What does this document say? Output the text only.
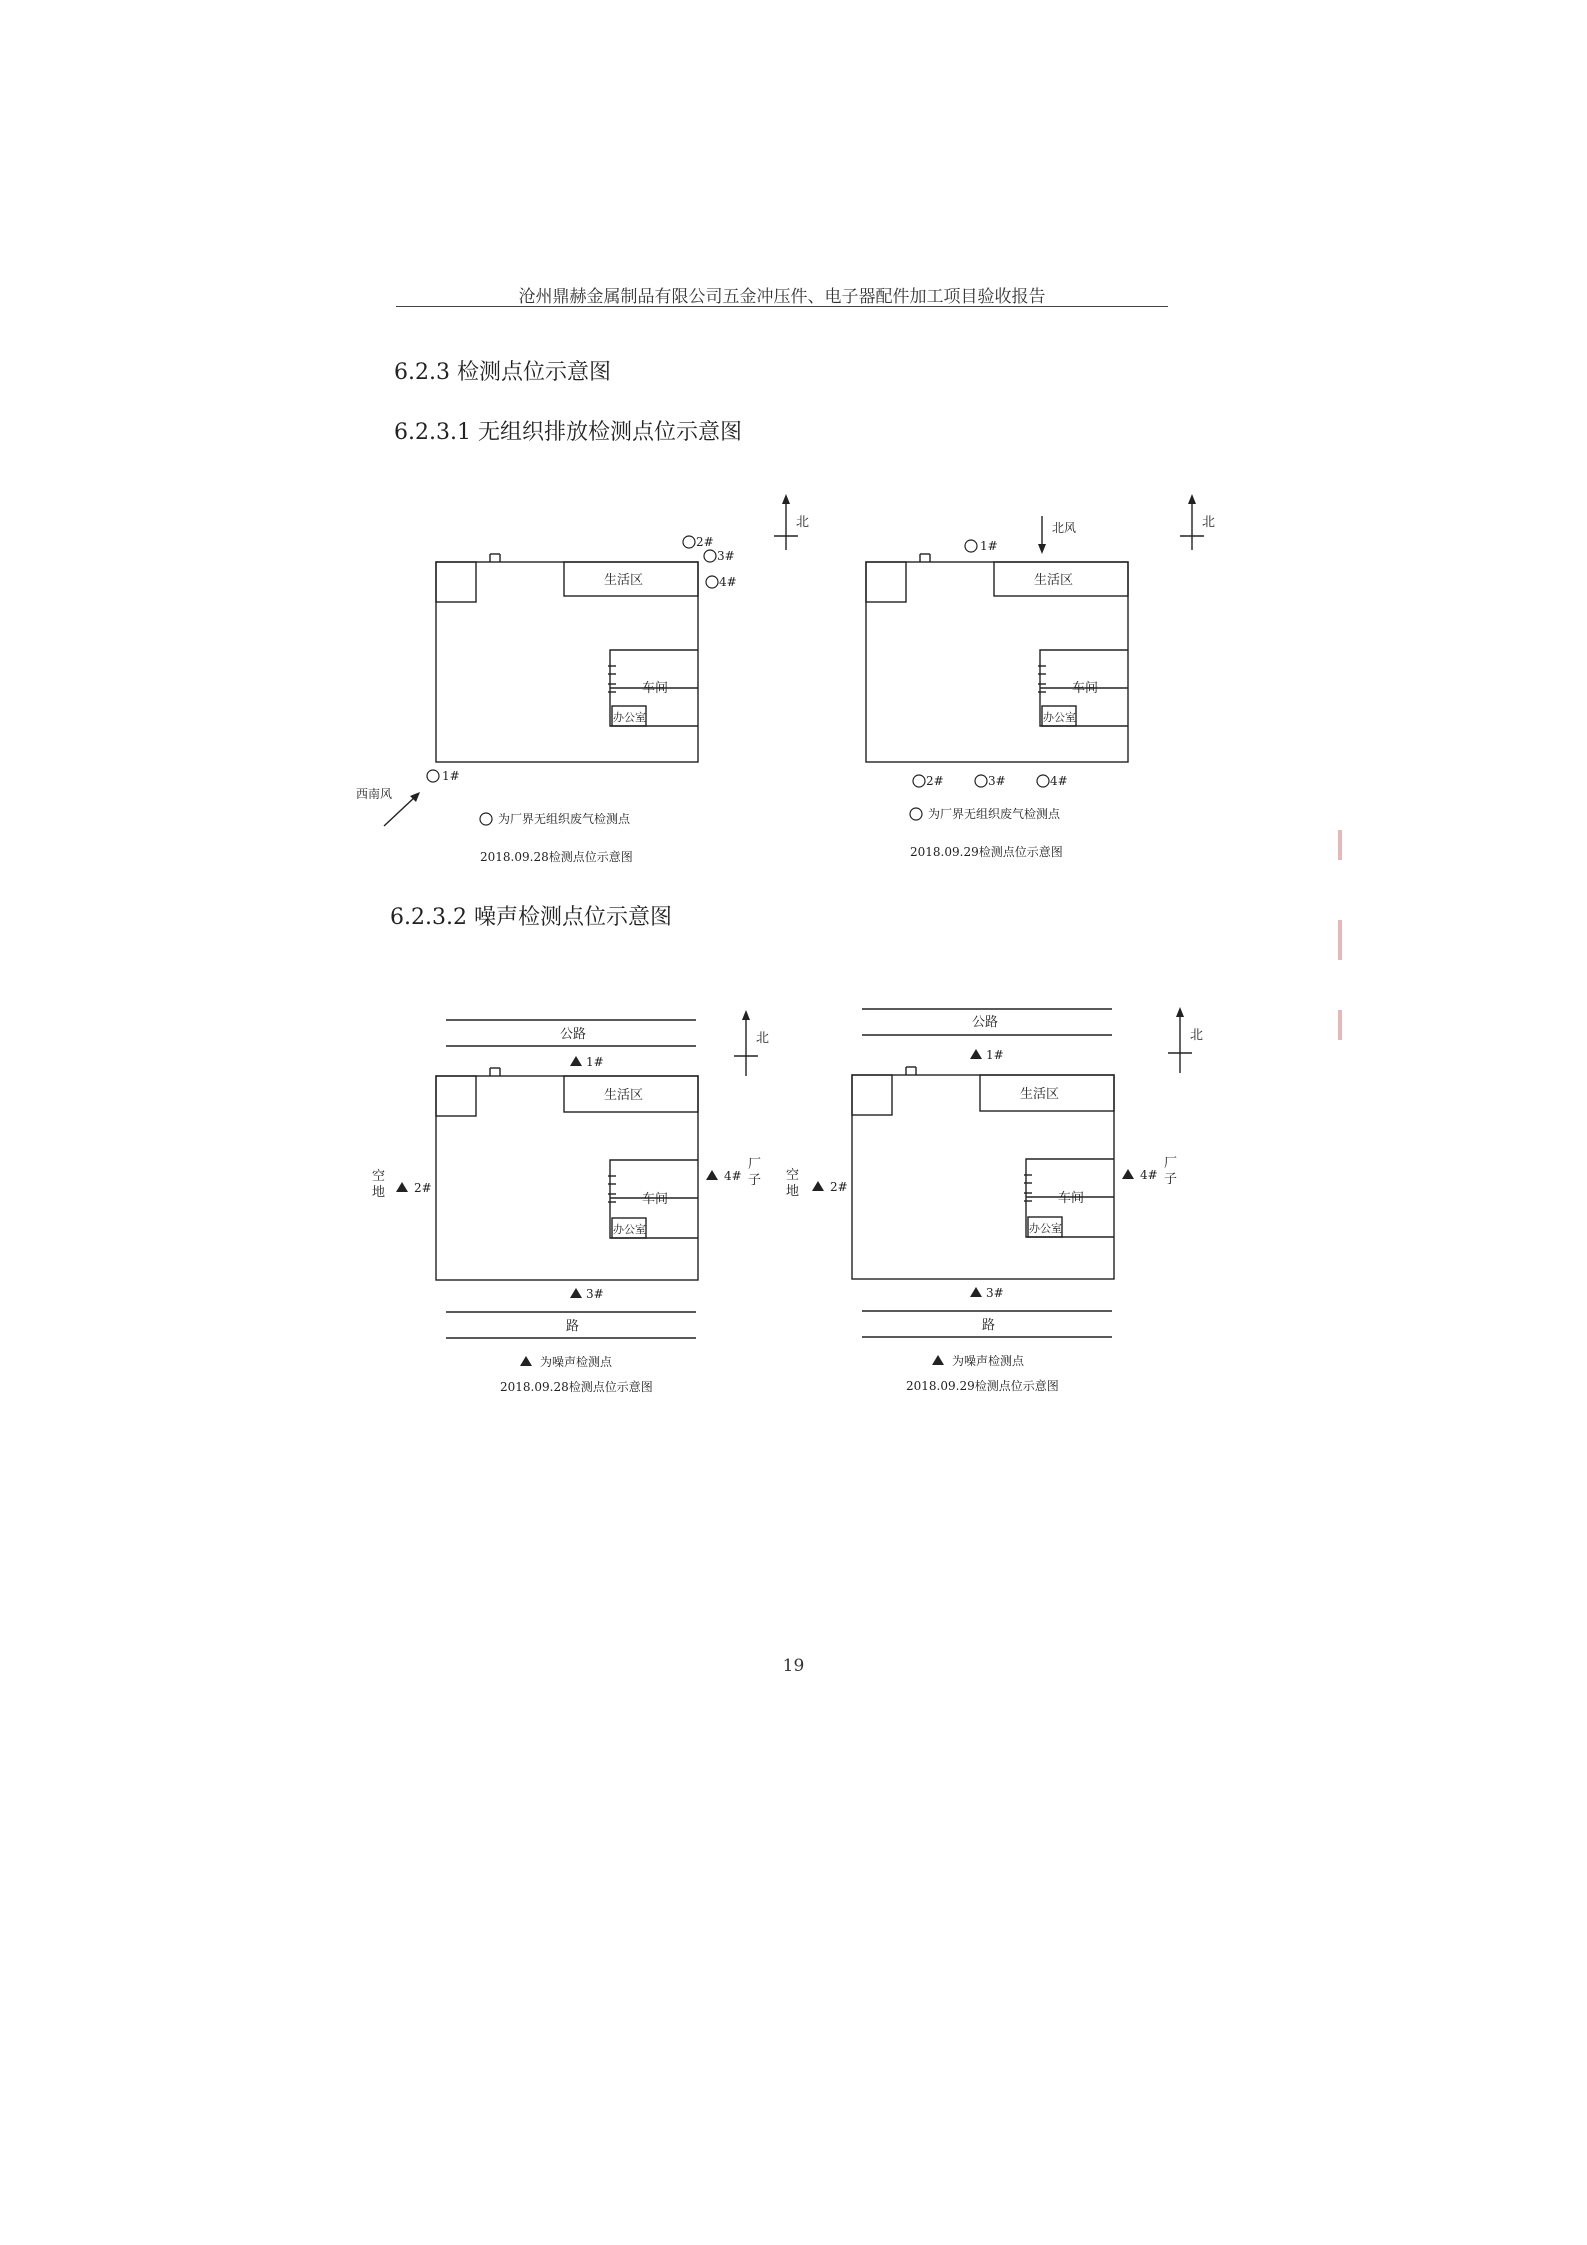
沧州鼎赫金属制品有限公司五金冲压件、电子器配件加工项目验收报告
6.2.3 检测点位示意图
6.2.3.1 无组织排放检测点位示意图
北
生活区
车间
办公室
2#
3#
4#
1#
西南风
为厂界无组织废气检测点
2018.09.28检测点位示意图
北
北风
生活区
车间
办公室
1#
2#	3#	4#
为厂界无组织废气检测点
2018.09.29检测点位示意图
6.2.3.2 噪声检测点位示意图
北
公路
路
生活区
车间
办公室
空
地
厂
子
1#
2#
3#
4#
为噪声检测点
2018.09.28检测点位示意图
北
公路
路
生活区
车间
办公室
空
地
厂
子
1#
2#
3#
4#
为噪声检测点
2018.09.29检测点位示意图
19
